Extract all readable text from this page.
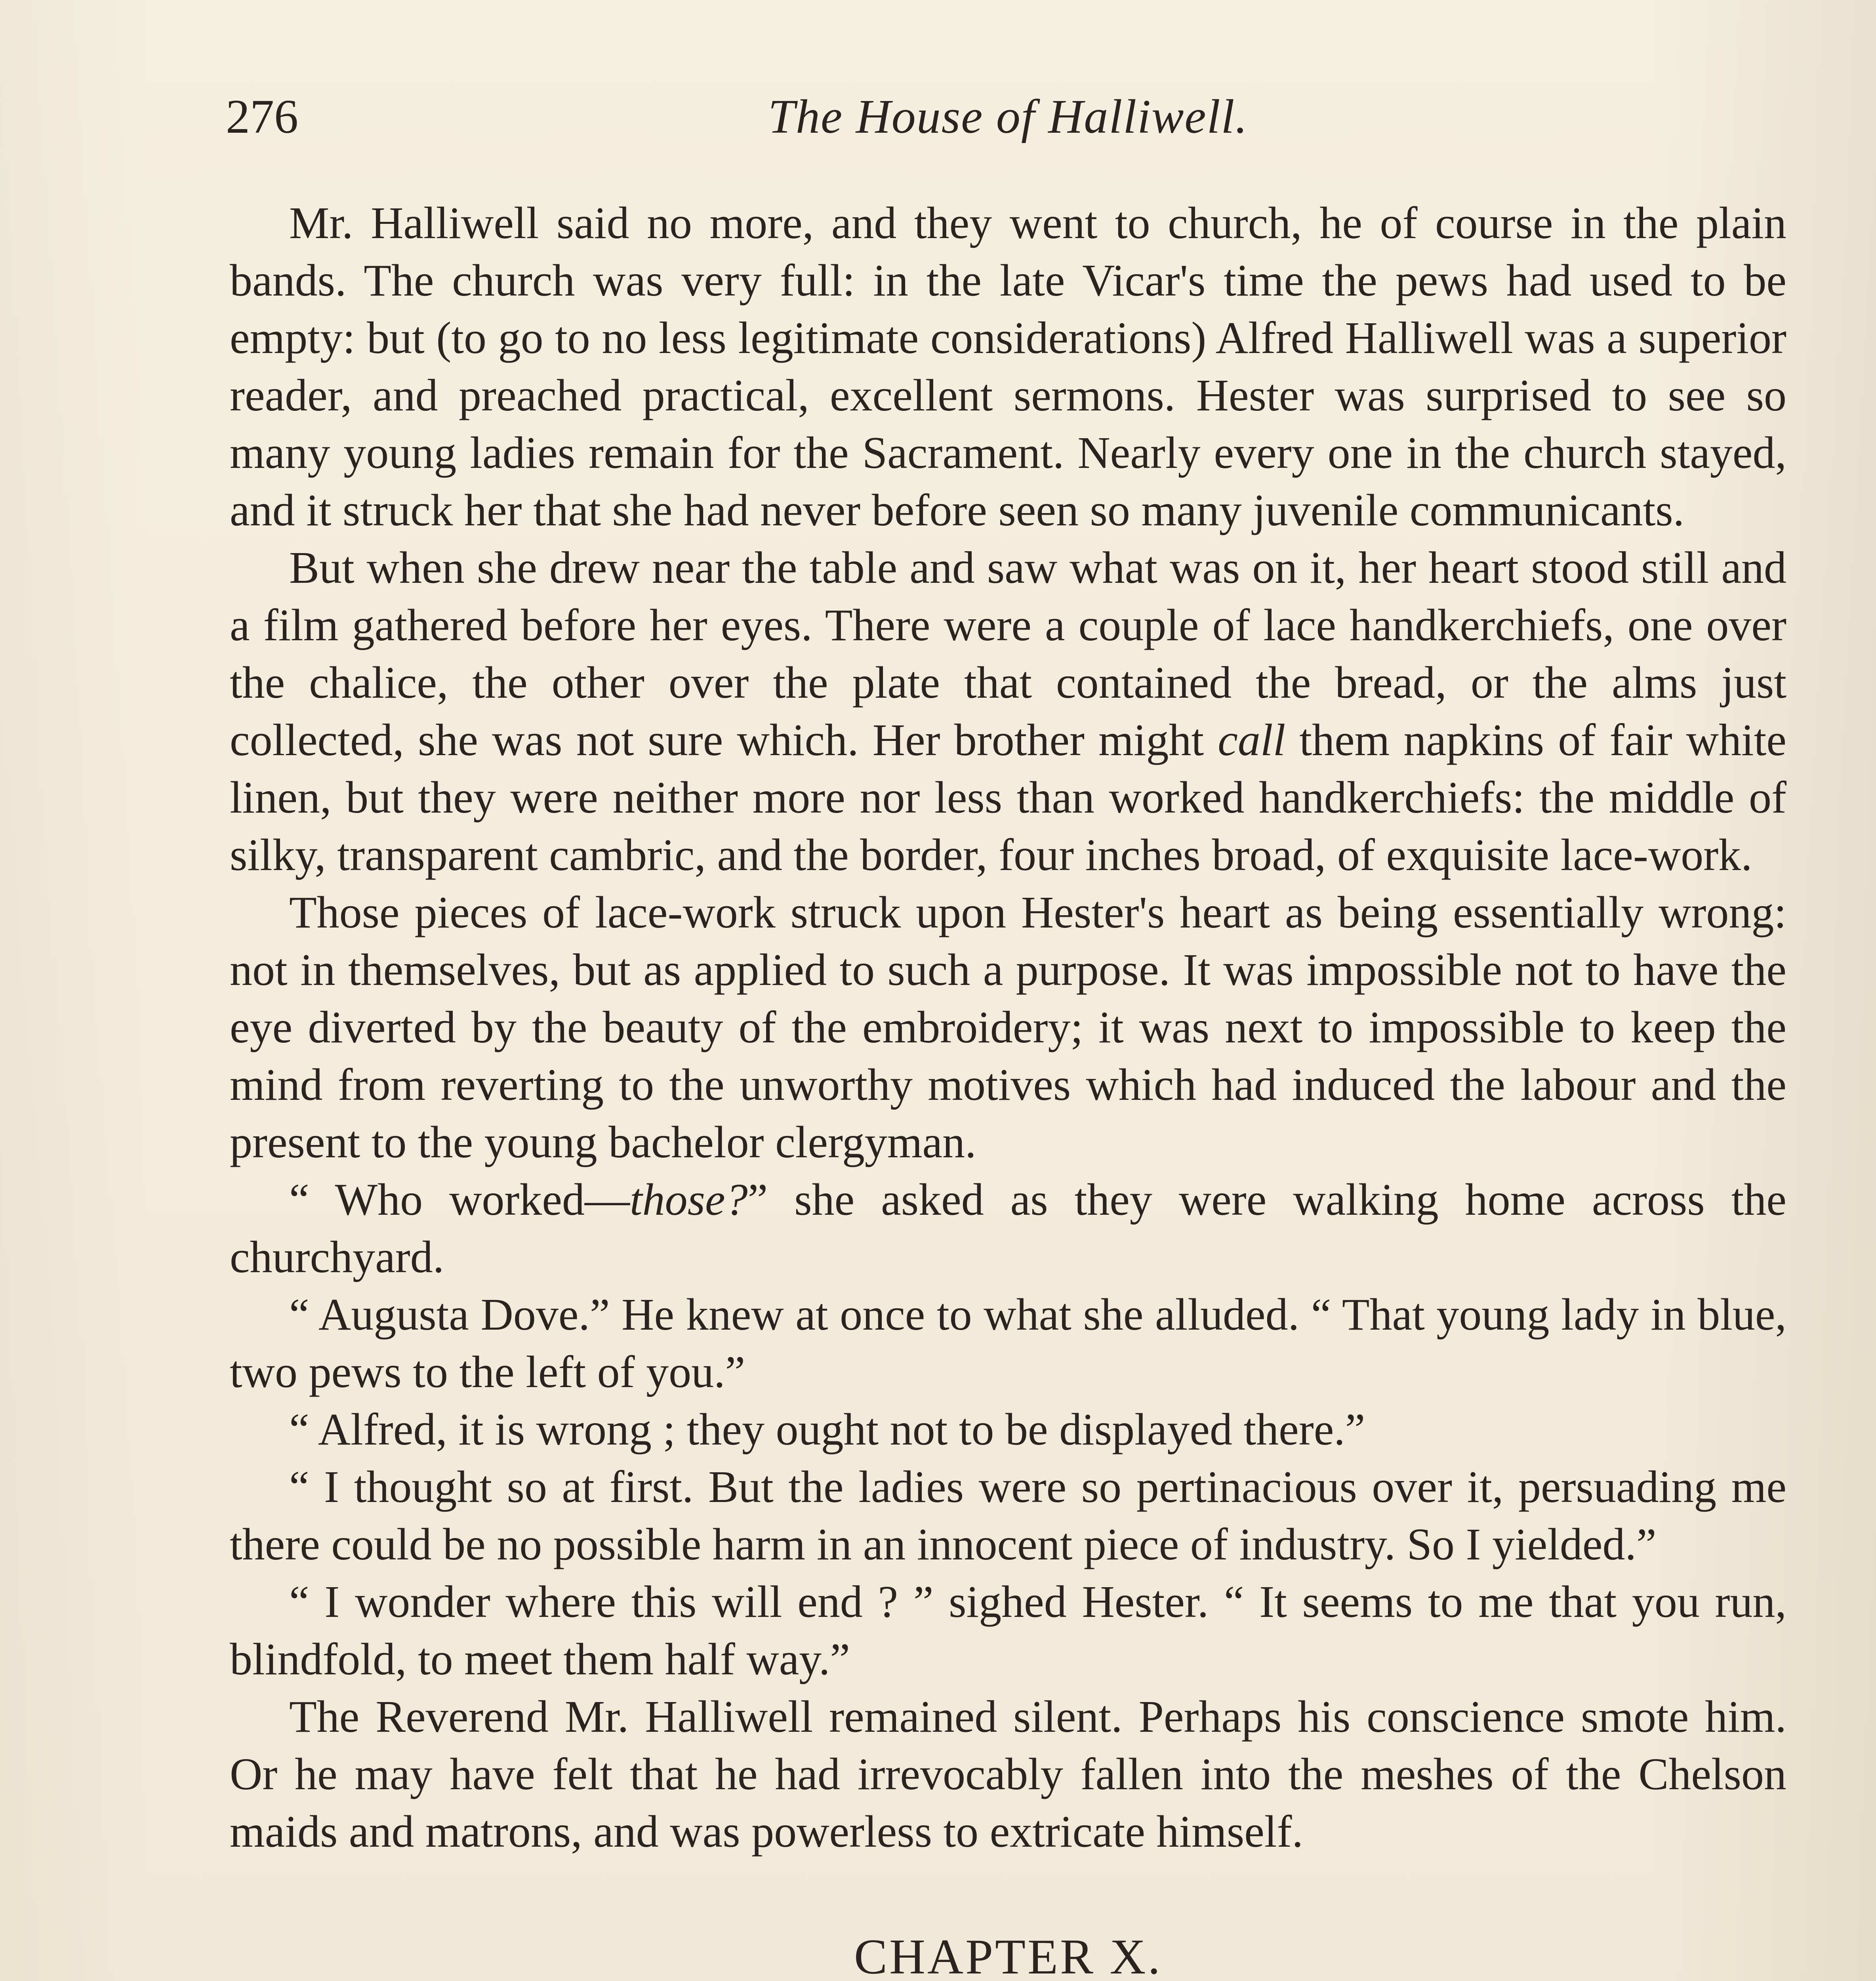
276	The House of Halliwell.

Mr. Halliwell said no more, and they went to church, he of course in the plain bands. The church was very full: in the late Vicar's time the pews had used to be empty: but (to go to no less legitimate considerations) Alfred Halliwell was a superior reader, and preached practical, excellent sermons. Hester was surprised to see so many young ladies remain for the Sacrament. Nearly every one in the church stayed, and it struck her that she had never before seen so many juvenile communicants.

But when she drew near the table and saw what was on it, her heart stood still and a film gathered before her eyes. There were a couple of lace handkerchiefs, one over the chalice, the other over the plate that contained the bread, or the alms just collected, she was not sure which. Her brother might call them napkins of fair white linen, but they were neither more nor less than worked handkerchiefs: the middle of silky, transparent cambric, and the border, four inches broad, of exquisite lace-work.

Those pieces of lace-work struck upon Hester's heart as being essentially wrong: not in themselves, but as applied to such a purpose. It was impossible not to have the eye diverted by the beauty of the embroidery; it was next to impossible to keep the mind from reverting to the unworthy motives which had induced the labour and the present to the young bachelor clergyman.

“ Who worked—those?” she asked as they were walking home across the churchyard.

“ Augusta Dove.” He knew at once to what she alluded. “ That young lady in blue, two pews to the left of you.”

“ Alfred, it is wrong ; they ought not to be displayed there.”

“ I thought so at first. But the ladies were so pertinacious over it, persuading me there could be no possible harm in an innocent piece of industry. So I yielded.”

“ I wonder where this will end ? ” sighed Hester. “ It seems to me that you run, blindfold, to meet them half way.”

The Reverend Mr. Halliwell remained silent. Perhaps his conscience smote him. Or he may have felt that he had irrevocably fallen into the meshes of the Chelson maids and matrons, and was powerless to extricate himself.

CHAPTER X.
